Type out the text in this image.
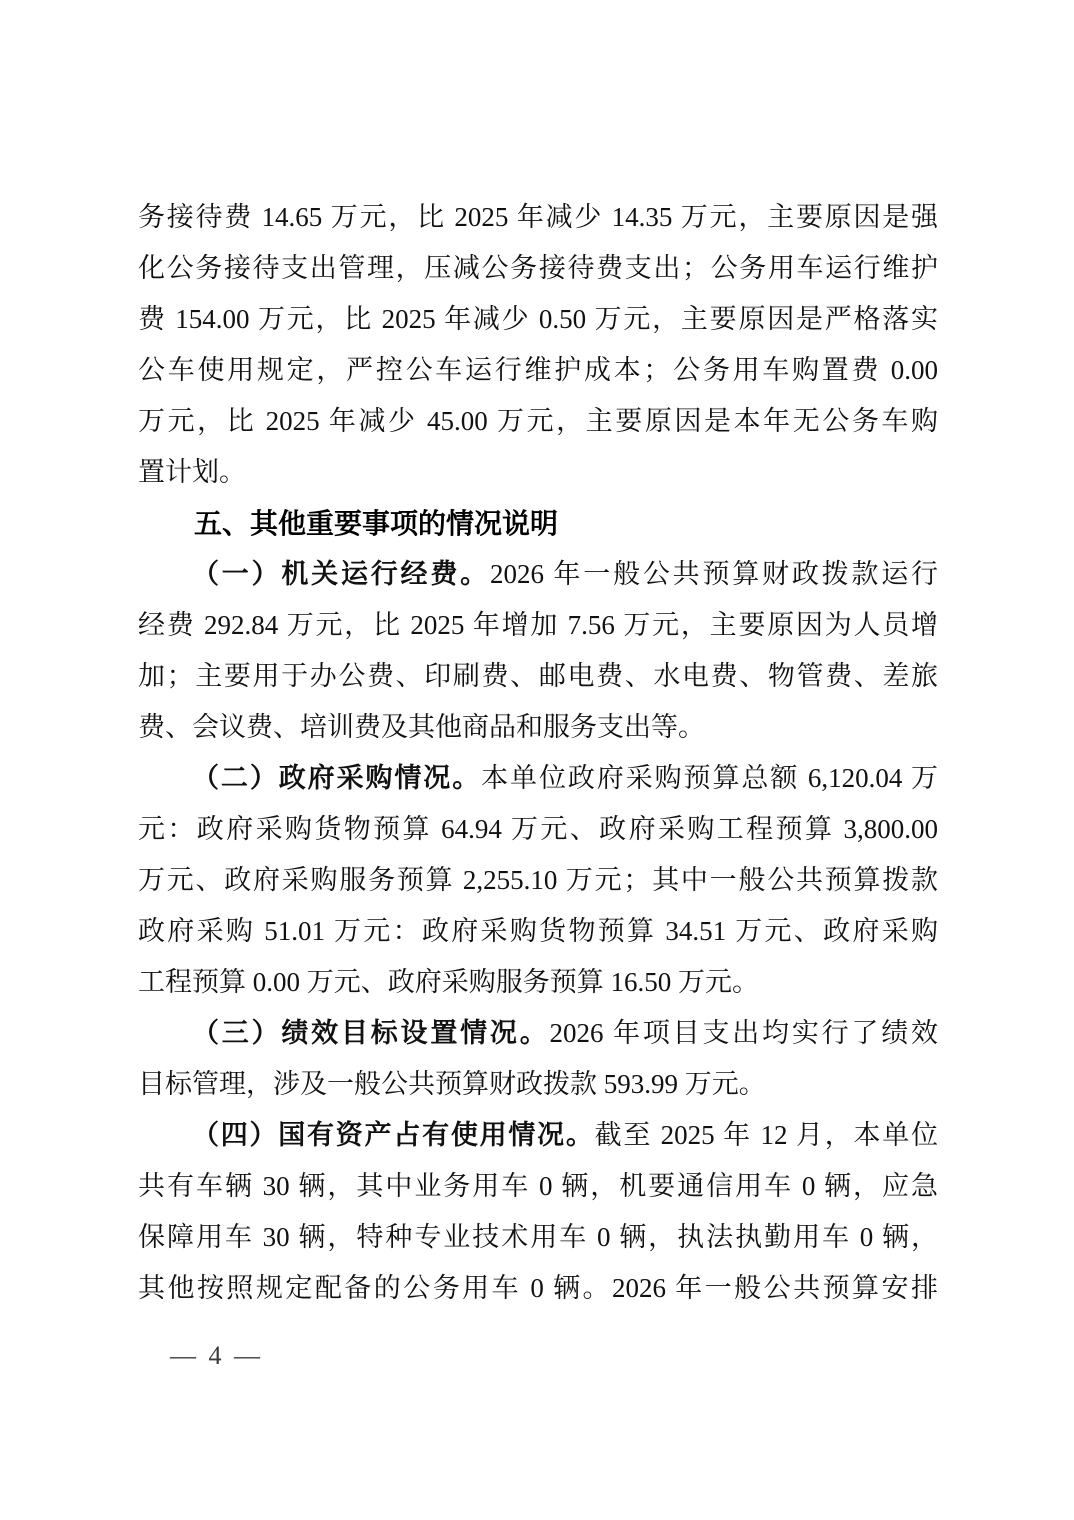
务接待费 14.65 万元，比 2025 年减少 14.35 万元，主要原因是强
化公务接待支出管理，压减公务接待费支出；公务用车运行维护
费 154.00 万元，比 2025 年减少 0.50 万元，主要原因是严格落实
公车使用规定，严控公车运行维护成本；公务用车购置费 0.00
万元，比 2025 年减少 45.00 万元，主要原因是本年无公务车购
置计划。
五、其他重要事项的情况说明
（一）机关运行经费。2026 年一般公共预算财政拨款运行
经费 292.84 万元，比 2025 年增加 7.56 万元，主要原因为人员增
加；主要用于办公费、印刷费、邮电费、水电费、物管费、差旅
费、会议费、培训费及其他商品和服务支出等。
（二）政府采购情况。本单位政府采购预算总额 6,120.04 万
元：政府采购货物预算 64.94 万元、政府采购工程预算 3,800.00
万元、政府采购服务预算 2,255.10 万元；其中一般公共预算拨款
政府采购 51.01 万元：政府采购货物预算 34.51 万元、政府采购
工程预算 0.00 万元、政府采购服务预算 16.50 万元。
（三）绩效目标设置情况。2026 年项目支出均实行了绩效
目标管理，涉及一般公共预算财政拨款 593.99 万元。
（四）国有资产占有使用情况。截至 2025 年 12 月，本单位
共有车辆 30 辆，其中业务用车 0 辆，机要通信用车 0 辆，应急
保障用车 30 辆，特种专业技术用车 0 辆，执法执勤用车 0 辆，
其他按照规定配备的公务用车 0 辆。2026 年一般公共预算安排
— 4 —
